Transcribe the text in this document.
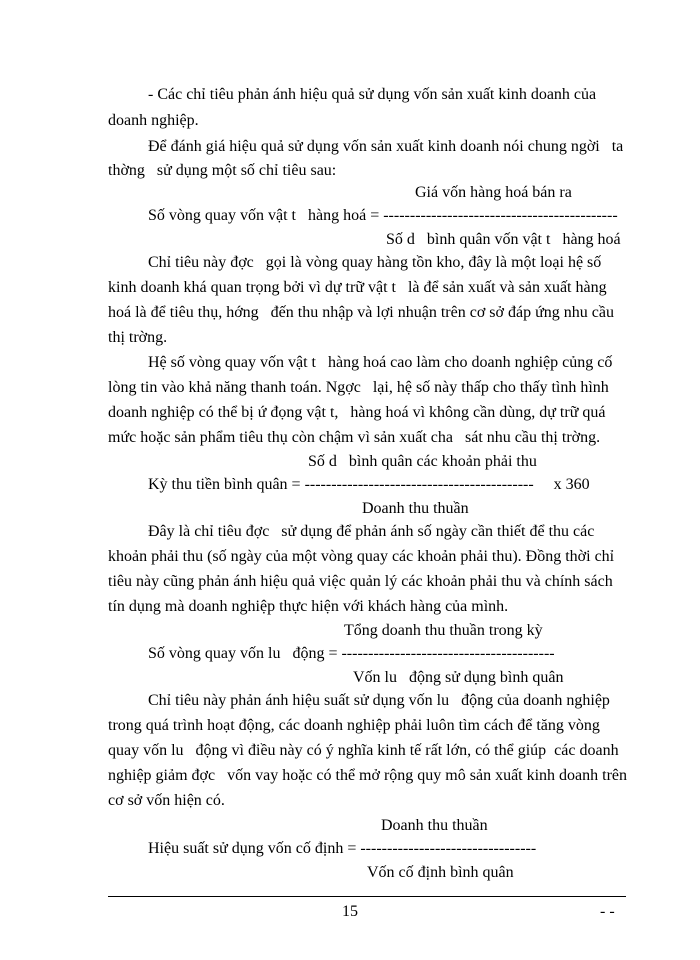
- Các chỉ tiêu phản ánh hiệu quả sử dụng vốn sản xuất kinh doanh của
doanh nghiệp.
Để đánh giá hiệu quả sử dụng vốn sản xuất kinh doanh nói chung ngời   ta
thờng   sử dụng một số chỉ tiêu sau:
Giá vốn hàng hoá bán ra
Số vòng quay vốn vật t   hàng hoá = --------------------------------------------
Số d   bình quân vốn vật t   hàng hoá
Chỉ tiêu này đợc   gọi là vòng quay hàng tồn kho, đây là một loại hệ số
kinh doanh khá quan trọng bởi vì dự trữ vật t   là để sản xuất và sản xuất hàng
hoá là để tiêu thụ, hớng   đến thu nhập và lợi nhuận trên cơ sở đáp ứng nhu cầu
thị trờng.
Hệ số vòng quay vốn vật t   hàng hoá cao làm cho doanh nghiệp củng cố
lòng tin vào khả năng thanh toán. Ngợc   lại, hệ số này thấp cho thấy tình hình
doanh nghiệp có thể bị ứ đọng vật t,   hàng hoá vì không cần dùng, dự trữ quá
mức hoặc sản phẩm tiêu thụ còn chậm vì sản xuất cha   sát nhu cầu thị trờng.
Số d   bình quân các khoản phải thu
Kỳ thu tiền bình quân = -------------------------------------------     x 360
Doanh thu thuần
Đây là chỉ tiêu đợc   sử dụng để phản ánh số ngày cần thiết để thu các
khoản phải thu (số ngày của một vòng quay các khoản phải thu). Đồng thời chỉ
tiêu này cũng phản ánh hiệu quả việc quản lý các khoản phải thu và chính sách
tín dụng mà doanh nghiệp thực hiện với khách hàng của mình.
Tổng doanh thu thuần trong kỳ
Số vòng quay vốn lu   động = ----------------------------------------
Vốn lu   động sử dụng bình quân
Chỉ tiêu này phản ánh hiệu suất sử dụng vốn lu   động của doanh nghiệp
trong quá trình hoạt động, các doanh nghiệp phải luôn tìm cách để tăng vòng
quay vốn lu   động vì điều này có ý nghĩa kinh tế rất lớn, có thể giúp  các doanh
nghiệp giảm đợc   vốn vay hoặc có thể mở rộng quy mô sản xuất kinh doanh trên
cơ sở vốn hiện có.
Doanh thu thuần
Hiệu suất sử dụng vốn cố định = ---------------------------------
Vốn cố định bình quân
15	- -
